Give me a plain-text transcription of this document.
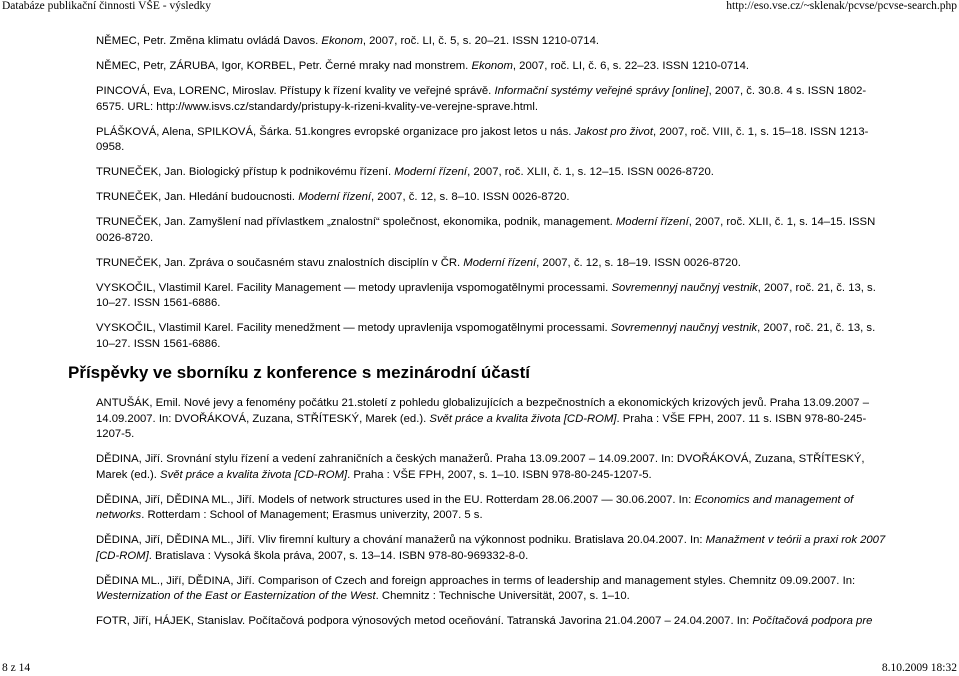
Databáze publikační činnosti VŠE - výsledky	http://eso.vse.cz/~sklenak/pcvse/pcvse-search.php
NĚMEC, Petr. Změna klimatu ovládá Davos. Ekonom, 2007, roč. LI, č. 5, s. 20–21. ISSN 1210-0714.
NĚMEC, Petr, ZÁRUBA, Igor, KORBEL, Petr. Černé mraky nad monstrem. Ekonom, 2007, roč. LI, č. 6, s. 22–23. ISSN 1210-0714.
PINCOVÁ, Eva, LORENC, Miroslav. Přístupy k řízení kvality ve veřejné správě. Informační systémy veřejné správy [online], 2007, č. 30.8. 4 s. ISSN 1802-6575. URL: http://www.isvs.cz/standardy/pristupy-k-rizeni-kvality-ve-verejne-sprave.html.
PLÁŠKOVÁ, Alena, SPILKOVÁ, Šárka. 51.kongres evropské organizace pro jakost letos u nás. Jakost pro život, 2007, roč. VIII, č. 1, s. 15–18. ISSN 1213-0958.
TRUNEČEK, Jan. Biologický přístup k podnikovému řízení. Moderní řízení, 2007, roč. XLII, č. 1, s. 12–15. ISSN 0026-8720.
TRUNEČEK, Jan. Hledání budoucnosti. Moderní řízení, 2007, č. 12, s. 8–10. ISSN 0026-8720.
TRUNEČEK, Jan. Zamyšlení nad přívlastkem „znalostní“ společnost, ekonomika, podnik, management. Moderní řízení, 2007, roč. XLII, č. 1, s. 14–15. ISSN 0026-8720.
TRUNEČEK, Jan. Zpráva o současném stavu znalostních disciplín v ČR. Moderní řízení, 2007, č. 12, s. 18–19. ISSN 0026-8720.
VYSKOČIL, Vlastimil Karel. Facility Management — metody upravlenija vspomogatělnymi processami. Sovremennyj naučnyj vestnik, 2007, roč. 21, č. 13, s. 10–27. ISSN 1561-6886.
VYSKOČIL, Vlastimil Karel. Facility menedžment — metody upravlenija vspomogatělnymi processami. Sovremennyj naučnyj vestnik, 2007, roč. 21, č. 13, s. 10–27. ISSN 1561-6886.
Příspěvky ve sborníku z konference s mezinárodní účastí
ANTUŠÁK, Emil. Nové jevy a fenomény počátku 21.století z pohledu globalizujících a bezpečnostních a ekonomických krizových jevů. Praha 13.09.2007 – 14.09.2007. In: DVOŘÁKOVÁ, Zuzana, STŘÍTESKÝ, Marek (ed.). Svět práce a kvalita života [CD-ROM]. Praha : VŠE FPH, 2007. 11 s. ISBN 978-80-245-1207-5.
DĚDINA, Jiří. Srovnání stylu řízení a vedení zahraničních a českých manažerů. Praha 13.09.2007 – 14.09.2007. In: DVOŘÁKOVÁ, Zuzana, STŘÍTESKÝ, Marek (ed.). Svět práce a kvalita života [CD-ROM]. Praha : VŠE FPH, 2007, s. 1–10. ISBN 978-80-245-1207-5.
DĚDINA, Jiří, DĚDINA ML., Jiří. Models of network structures used in the EU. Rotterdam 28.06.2007 — 30.06.2007. In: Economics and management of networks. Rotterdam : School of Management; Erasmus univerzity, 2007. 5 s.
DĚDINA, Jiří, DĚDINA ML., Jiří. Vliv firemní kultury a chování manažerů na výkonnost podniku. Bratislava 20.04.2007. In: Manažment v teórii a praxi rok 2007 [CD-ROM]. Bratislava : Vysoká škola práva, 2007, s. 13–14. ISBN 978-80-969332-8-0.
DĚDINA ML., Jiří, DĚDINA, Jiří. Comparison of Czech and foreign approaches in terms of leadership and management styles. Chemnitz 09.09.2007. In: Westernization of the East or Easternization of the West. Chemnitz : Technische Universität, 2007, s. 1–10.
FOTR, Jiří, HÁJEK, Stanislav. Počítačová podpora výnosových metod oceňování. Tatranská Javorina 21.04.2007 – 24.04.2007. In: Počítačová podpora pre
8 z 14	8.10.2009 18:32
